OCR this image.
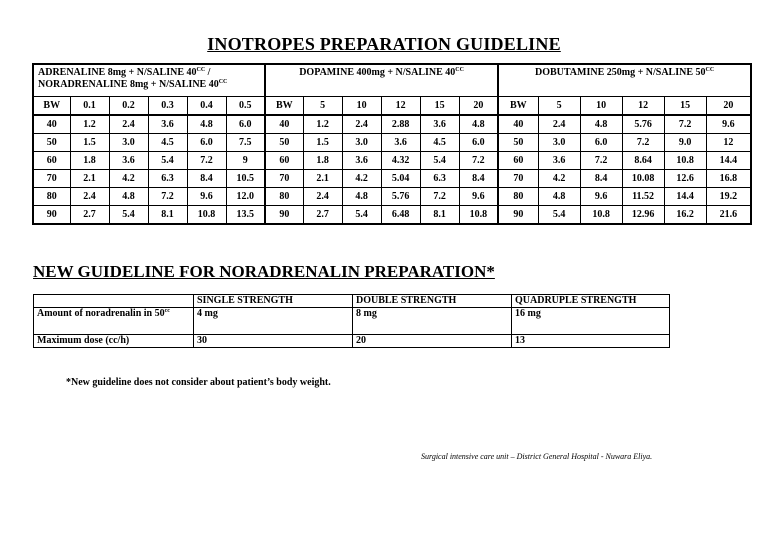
INOTROPES PREPARATION GUIDELINE
ADRENALINE 8mg + N/SALINE $40^{CC}$ /
NORADRENALINE 8mg + N/SALINE $40^{CC}$						DOPAMINE 400mg + N/SALINE $40^{CC}$						DOBUTAMINE 250mg + N/SALINE $50^{CC}$
BW	0.1	0.2	0.3	0.4	0.5	BW	5	10	12	15	20	BW	5	10	12	15	20
40	1.2	2.4	3.6	4.8	6.0	40	1.2	2.4	2.88	3.6	4.8	40	2.4	4.8	5.76	7.2	9.6
50	1.5	3.0	4.5	6.0	7.5	50	1.5	3.0	3.6	4.5	6.0	50	3.0	6.0	7.2	9.0	12
60	1.8	3.6	5.4	7.2	9	60	1.8	3.6	4.32	5.4	7.2	60	3.6	7.2	8.64	10.8	14.4
70	2.1	4.2	6.3	8.4	10.5	70	2.1	4.2	5.04	6.3	8.4	70	4.2	8.4	10.08	12.6	16.8
80	2.4	4.8	7.2	9.6	12.0	80	2.4	4.8	5.76	7.2	9.6	80	4.8	9.6	11.52	14.4	19.2
90	2.7	5.4	8.1	10.8	13.5	90	2.7	5.4	6.48	8.1	10.8	90	5.4	10.8	12.96	16.2	21.6
NEW GUIDELINE FOR NORADRENALIN PREPARATION*
	SINGLE STRENGTH	DOUBLE STRENGTH	QUADRUPLE STRENGTH
Amount of noradrenalin in $50^{cc}$	4 mg	8 mg	16 mg
Maximum dose (cc/h)	30	20	13
*New guideline does not consider about patient’s body weight.
Surgical intensive care unit – District General Hospital - Nuwara Eliya.
